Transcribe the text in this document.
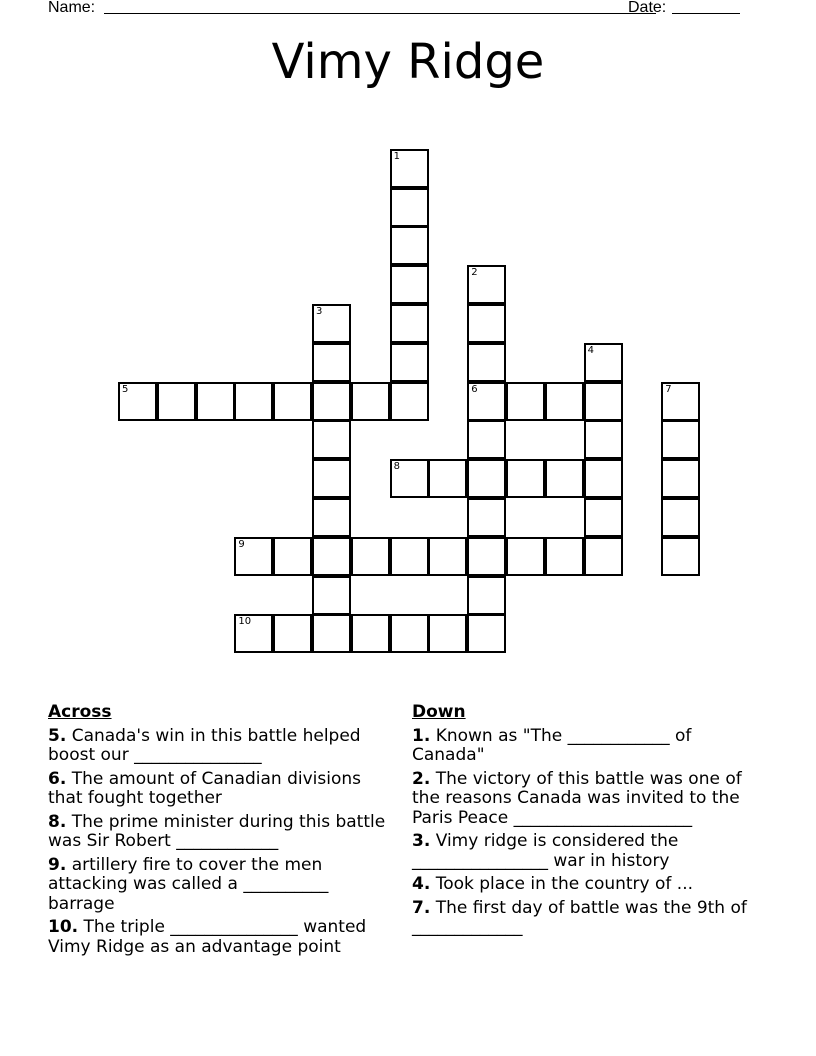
Name:	Date:
Vimy Ridge
1
2
6
3
4
5	7
8
9
10
Across
5. Canada's win in this battle helped boost our _______________
6. The amount of Canadian divisions that fought together
8. The prime minister during this battle was Sir Robert ____________
9. artillery fire to cover the men attacking was called a __________ barrage
10. The triple _______________ wanted Vimy Ridge as an advantage point
Down
1. Known as "The ____________ of Canada"
2. The victory of this battle was one of the reasons Canada was invited to the Paris Peace _____________________
3. Vimy ridge is considered the ________________ war in history
4. Took place in the country of ...
7. The first day of battle was the 9th of _____________
